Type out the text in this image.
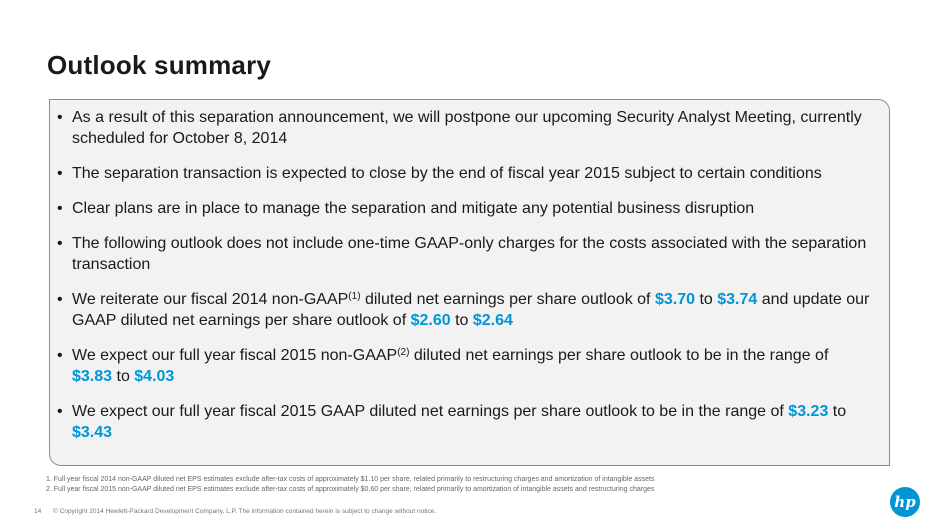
Outlook summary
• As a result of this separation announcement, we will postpone our upcoming Security Analyst Meeting, currently scheduled for October 8, 2014
• The separation transaction is expected to close by the end of fiscal year 2015 subject to certain conditions
• Clear plans are in place to manage the separation and mitigate any potential business disruption
• The following outlook does not include one-time GAAP-only charges for the costs associated with the separation transaction
• We reiterate our fiscal 2014 non-GAAP$^{(1)}$ diluted net earnings per share outlook of $3.70 to $3.74 and update our GAAP diluted net earnings per share outlook of $2.60 to $2.64
• We expect our full year fiscal 2015 non-GAAP$^{(2)}$ diluted net earnings per share outlook to be in the range of $3.83 to $4.03
• We expect our full year fiscal 2015 GAAP diluted net earnings per share outlook to be in the range of $3.23 to $3.43
1. Full year fiscal 2014 non-GAAP diluted net EPS estimates exclude after-tax costs of approximately $1.10 per share, related primarily to restructuring charges and amortization of intangible assets
2. Full year fiscal 2015 non-GAAP diluted net EPS estimates exclude after-tax costs of approximately $0.60 per share, related primarily to amortization of intangible assets and restructuring charges
14 © Copyright 2014 Hewlett-Packard Development Company, L.P. The information contained herein is subject to change without notice.
hp
